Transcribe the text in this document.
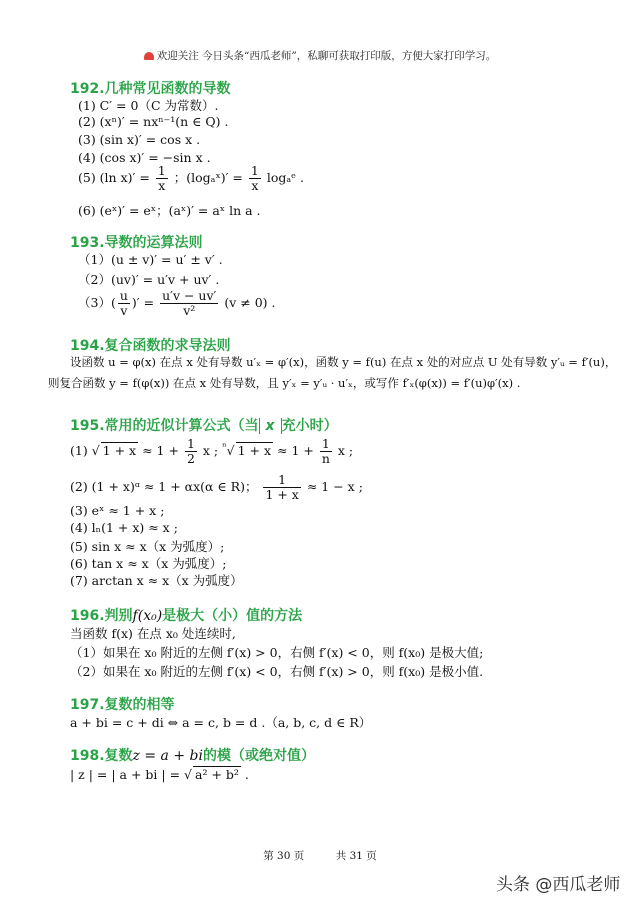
欢迎关注 今日头条“西瓜老师”，私聊可获取打印版，方便大家打印学习。
192.几种常见函数的导数
(1) C′ = 0（C 为常数）.
(2) (xⁿ)′ = nxⁿ⁻¹(n ∈ Q) .
(3) (sin x)′ = cos x .
(4) (cos x)′ = −sin x .
(5) (ln $x)' = \frac{1}{x}$ ；(logₐˣ)′ = $\frac{1}{x}$ logₐᵉ .
(6) (eˣ)′ = eˣ；(aˣ)′ = aˣ ln a .
193.导数的运算法则
（1）(u ± v)′ = u′ ± v′ .
（2）(uv)′ = u′v + uv′ .
$(3)( \frac{u}{v}$ )′ = $\frac{u'v - uv'}{\text{v²}} (v \ne 0)$ .
194.复合函数的求导法则
设函数 u = φ(x) 在点 x 处有导数 u′ₓ = φ′(x)，函数 y = f(u) 在点 x 处的对应点 U 处有导数 y′ᵤ = f′(u)，
则复合函数 y = f(φ(x)) 在点 x 处有导数，且 y′ₓ = y′ᵤ · u′ₓ，或写作 f′ₓ(φ(x)) = f′(u)φ′(x) .
195.常用的近似计算公式（当 x 充小时）
(1) √ $1 + x \approx 1 + \frac{1}{2}$ x ; $^{^n}$√ $1 + x \approx 1 + \frac{1}{n}$ x ;
(2) (1 + x)ᵅ ≈ 1 + αx(α ∈ R)； $\frac{1}{1 + x} \approx 1 - x$ ;
(3) eˣ ≈ 1 + x ;
(4) lₙ(1 + x) ≈ x ;
(5) sin x ≈ x（x 为弧度）;
(6) tan x ≈ x（x 为弧度）;
(7) arctan x ≈ x（x 为弧度）
196.判别f(x₀)是极大（小）值的方法
当函数 f(x) 在点 x₀ 处连续时,
（1）如果在 x₀ 附近的左侧 f′(x) > 0，右侧 f′(x) < 0，则 f(x₀) 是极大值;
（2）如果在 x₀ 附近的左侧 f′(x) < 0，右侧 f′(x) > 0，则 f(x₀) 是极小值.
197.复数的相等
a + bi = c + di ⇔ a = c, b = d .（a, b, c, d ∈ R）
198.复数z = a + bi的模（或绝对值）
| z | = | a + bi | = √ a² + b² .
第 30 页　　　共 31 页
头条 @西瓜老师
